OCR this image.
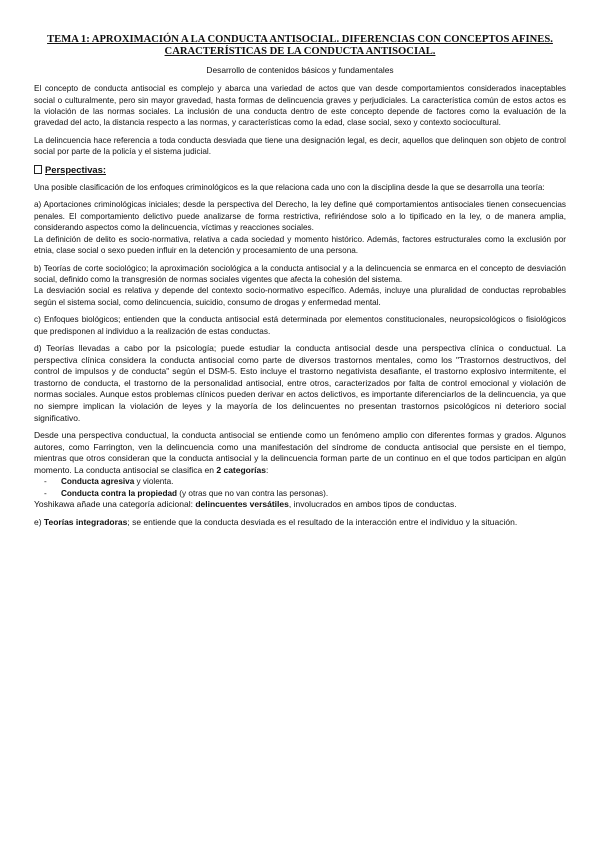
TEMA 1: APROXIMACIÓN A LA CONDUCTA ANTISOCIAL. DIFERENCIAS CON CONCEPTOS AFINES. CARACTERÍSTICAS DE LA CONDUCTA ANTISOCIAL.
Desarrollo de contenidos básicos y fundamentales

El concepto de conducta antisocial es complejo y abarca una variedad de actos que van desde comportamientos considerados inaceptables social o culturalmente, pero sin mayor gravedad, hasta formas de delincuencia graves y perjudiciales. La característica común de estos actos es la violación de las normas sociales. La inclusión de una conducta dentro de este concepto depende de factores como la evaluación de la gravedad del acto, la distancia respecto a las normas, y características como la edad, clase social, sexo y contexto sociocultural.

La delincuencia hace referencia a toda conducta desviada que tiene una designación legal, es decir, aquellos que delinquen son objeto de control social por parte de la policía y el sistema judicial.

Perspectivas:

Una posible clasificación de los enfoques criminológicos es la que relaciona cada uno con la disciplina desde la que se desarrolla una teoría:

a) Aportaciones criminológicas iniciales; desde la perspectiva del Derecho, la ley define qué comportamientos antisociales tienen consecuencias penales. El comportamiento delictivo puede analizarse de forma restrictiva, refiriéndose solo a lo tipificado en la ley, o de manera amplia, considerando aspectos como la delincuencia, víctimas y reacciones sociales.

La definición de delito es socio-normativa, relativa a cada sociedad y momento histórico. Además, factores estructurales como la exclusión por etnia, clase social o sexo pueden influir en la detención y procesamiento de una persona.

b) Teorías de corte sociológico; la aproximación sociológica a la conducta antisocial y a la delincuencia se enmarca en el concepto de desviación social, definido como la transgresión de normas sociales vigentes que afecta la cohesión del sistema.

La desviación social es relativa y depende del contexto socio-normativo específico. Además, incluye una pluralidad de conductas reprobables según el sistema social, como delincuencia, suicidio, consumo de drogas y enfermedad mental.

c) Enfoques biológicos; entienden que la conducta antisocial está determinada por elementos constitucionales, neuropsicológicos o fisiológicos que predisponen al individuo a la realización de estas conductas.

d) Teorías llevadas a cabo por la psicología; puede estudiar la conducta antisocial desde una perspectiva clínica o conductual. La perspectiva clínica considera la conducta antisocial como parte de diversos trastornos mentales, como los "Trastornos destructivos, del control de impulsos y de conducta" según el DSM-5. Esto incluye el trastorno negativista desafiante, el trastorno explosivo intermitente, el trastorno de conducta, el trastorno de la personalidad antisocial, entre otros, caracterizados por falta de control emocional y violación de normas sociales. Aunque estos problemas clínicos pueden derivar en actos delictivos, es importante diferenciarlos de la delincuencia, ya que no siempre implican la violación de leyes y la mayoría de los delincuentes no presentan trastornos psicológicos ni deterioro social significativo.

Desde una perspectiva conductual, la conducta antisocial se entiende como un fenómeno amplio con diferentes formas y grados. Algunos autores, como Farrington, ven la delincuencia como una manifestación del síndrome de conducta antisocial que persiste en el tiempo, mientras que otros consideran que la conducta antisocial y la delincuencia forman parte de un continuo en el que todos participan en algún momento. La conducta antisocial se clasifica en 2 categorías:

- Conducta agresiva y violenta.
- Conducta contra la propiedad (y otras que no van contra las personas).

Yoshikawa añade una categoría adicional: delincuentes versátiles, involucrados en ambos tipos de conductas.

e) Teorías integradoras; se entiende que la conducta desviada es el resultado de la interacción entre el individuo y la situación.
